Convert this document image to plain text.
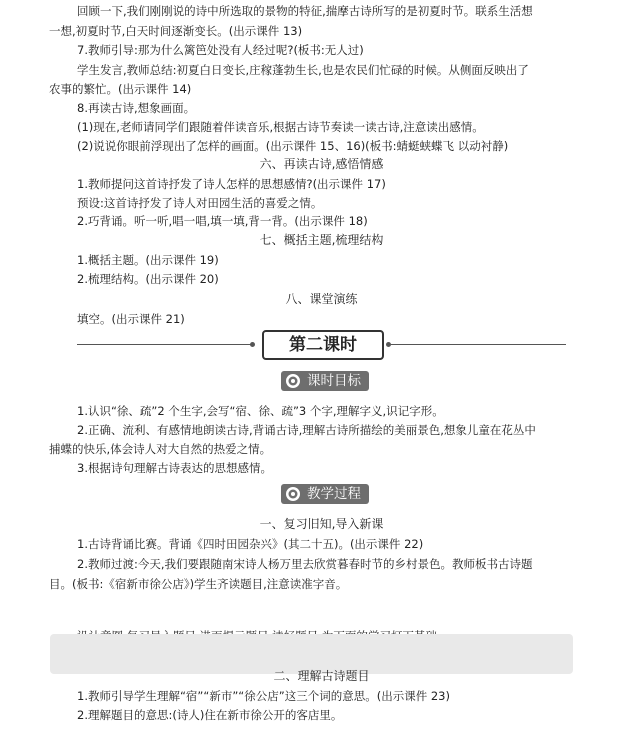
回顾一下,我们刚刚说的诗中所选取的景物的特征,揣摩古诗所写的是初夏时节。联系生活想
一想,初夏时节,白天时间逐渐变长。(出示课件 13)
7.教师引导:那为什么篱笆处没有人经过呢?(板书:无人过)
学生发言,教师总结:初夏白日变长,庄稼蓬勃生长,也是农民们忙碌的时候。从侧面反映出了
农事的繁忙。(出示课件 14)
8.再读古诗,想象画面。
(1)现在,老师请同学们跟随着伴读音乐,根据古诗节奏读一读古诗,注意读出感情。
(2)说说你眼前浮现出了怎样的画面。(出示课件 15、16)(板书:蜻蜓蛱蝶飞 以动衬静)
六、再读古诗,感悟情感
1.教师提问这首诗抒发了诗人怎样的思想感情?(出示课件 17)
预设:这首诗抒发了诗人对田园生活的喜爱之情。
2.巧背诵。听一听,唱一唱,填一填,背一背。(出示课件 18)
七、概括主题,梳理结构
1.概括主题。(出示课件 19)
2.梳理结构。(出示课件 20)
八、课堂演练
填空。(出示课件 21)
第二课时
课时目标
1.认识“徐、疏”2 个生字,会写“宿、徐、疏”3 个字,理解字义,识记字形。
2.正确、流利、有感情地朗读古诗,背诵古诗,理解古诗所描绘的美丽景色,想象儿童在花丛中
捕蝶的快乐,体会诗人对大自然的热爱之情。
3.根据诗句理解古诗表达的思想感情。
教学过程
一、复习旧知,导入新课
1.古诗背诵比赛。背诵《四时田园杂兴》(其二十五)。(出示课件 22)
2.教师过渡:今天,我们要跟随南宋诗人杨万里去欣赏暮春时节的乡村景色。教师板书古诗题
目。(板书:《宿新市徐公店》)学生齐读题目,注意读准字音。
二、理解古诗题目
1.教师引导学生理解“宿”“新市”“徐公店”这三个词的意思。(出示课件 23)
2.理解题目的意思:(诗人)住在新市徐公开的客店里。
